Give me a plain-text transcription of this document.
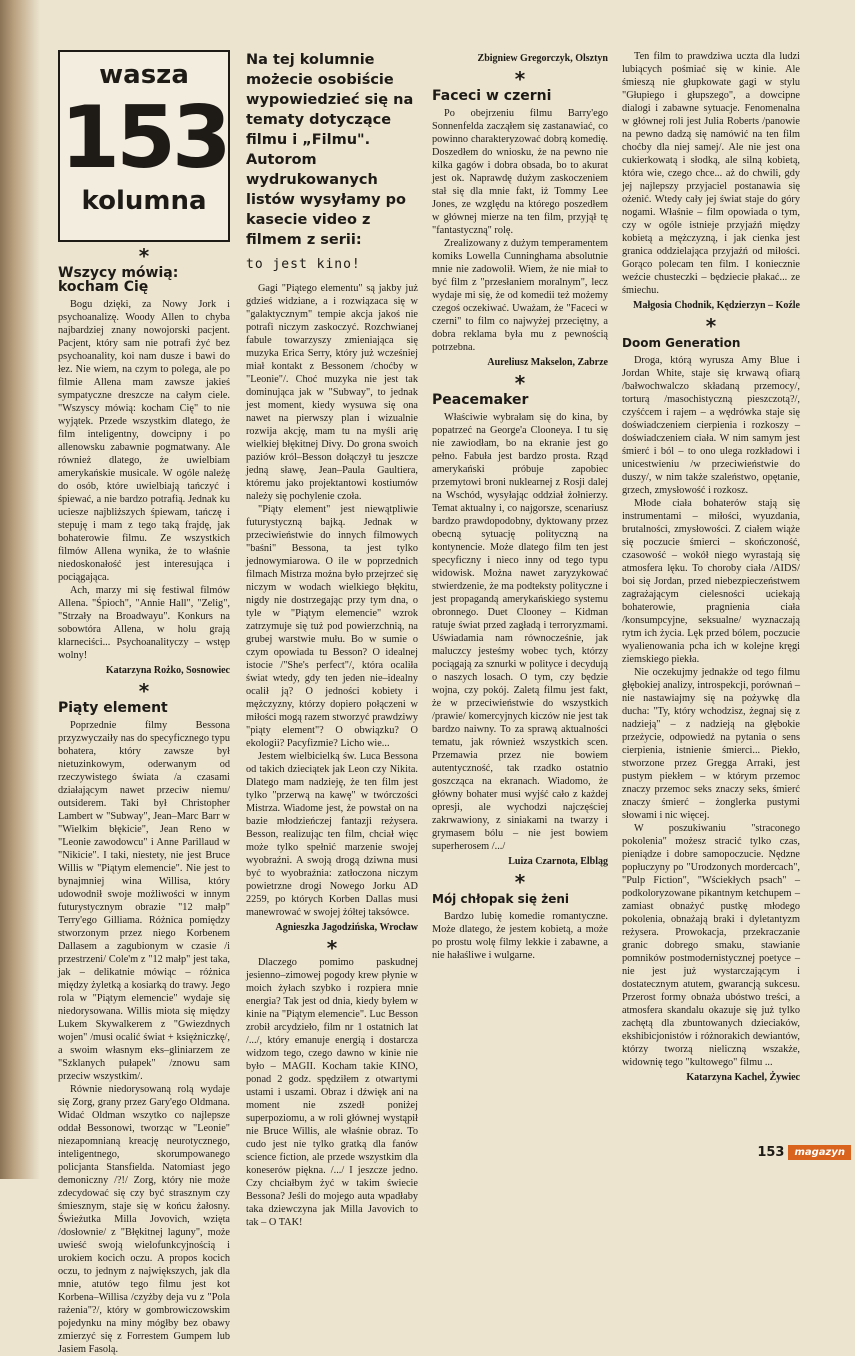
wasza
153
kolumna
*
Wszycy mówią: kocham Cię

Bogu dzięki, za Nowy Jork i psychoanalizę. Woody Allen to chyba najbardziej znany nowojorski pacjent. Pacjent, który sam nie potrafi żyć bez psychoanality, koi nam dusze i bawi do łez. Nie wiem, na czym to polega, ale po filmie Allena mam zawsze jakieś sympatyczne dreszcze na całym ciele. "Wszyscy mówią: kocham Cię" to nie wyjątek. Przede wszystkim dlatego, że film inteligentny, dowcipny i po allenowsku zabawnie pogmatwany. Ale również dlatego, że uwielbiam amerykańskie musicale. W ogóle należę do osób, które uwielbiają tańczyć i śpiewać, a nie bardzo potrafią. Jednak ku uciesze najbliższych śpiewam, tańczę i stepuję i mam z tego taką frajdę, jak bohaterowie filmu. Ze wszystkich filmów Allena wynika, że to właśnie niedoskonałość jest interesująca i pociągająca.

Ach, marzy mi się festiwal filmów Allena. "Śpioch", "Annie Hall", "Zelig", "Strzały na Broadwayu". Konkurs na sobowtóra Allena, w holu grają klarneciści... Psychoanalityczy – wstęp wolny!

Katarzyna Rożko, Sosnowiec
*
Piąty element

Poprzednie filmy Bessona przyzwyczaiły nas do specyficznego typu bohatera, który zawsze był nietuzinkowym, oderwanym od rzeczywistego świata /a czasami działającym nawet przeciw niemu/ outsiderem. Taki był Christopher Lambert w "Subway", Jean–Marc Barr w "Wielkim błękicie", Jean Reno w "Leonie zawodowcu" i Anne Parillaud w "Nikicie". I taki, niestety, nie jest Bruce Willis w "Piątym elemencie". Nie jest to bynajmniej wina Willisa, który udowodnił swoje możliwości w innym futurystycznym obrazie "12 małp" Terry'ego Gilliama. Różnica pomiędzy stworzonym przez niego Korbenem Dallasem a zagubionym w czasie /i przestrzeni/ Cole'm z "12 małp" jest taka, jak – delikatnie mówiąc – różnica między żyletką a kosiarką do trawy. Jego rola w "Piątym elemencie" wydaje się niedorysowana. Willis miota się między Lukem Skywalkerem z "Gwiezdnych wojen" /musi ocalić świat + księżniczkę/, a swoim własnym eks–gliniarzem ze "Szklanych pułapek" /znowu sam przeciw wszystkim/.

Równie niedorysowaną rolą wydaje się Zorg, grany przez Gary'ego Oldmana. Widać Oldman wszytko co najlepsze oddał Bessonowi, tworząc w "Leonie" niezapomnianą kreację neurotycznego, inteligentnego, skorumpowanego policjanta Stansfielda. Natomiast jego demoniczny /?!/ Zorg, który nie może zdecydować się czy być strasznym czy śmiesznym, staje się w końcu żałosny. Świeżutka Milla Jovovich, wzięta /dosłownie/ z "Błękitnej laguny", może uwieść swoją wielofunkcyjnością i urokiem kocich oczu. A propos kocich oczu, to jednym z największych, jak dla mnie, atutów tego filmu jest kot Korbena–Willisa /czyżby deja vu z "Pola rażenia"?/, który w gombrowiczowskim pojedynku na miny mógłby bez obawy zmierzyć się z Forrestem Gumpem lub Jasiem Fasolą.

Na tej kolumnie możecie osobiście wypowiedzieć się na tematy dotyczące filmu i „Filmu". Autorom wydrukowanych listów wysyłamy po kasecie video z filmem z serii:
to jest kino!

Gagi "Piątego elementu" są jakby już gdzieś widziane, a i rozwiązaca się w "galaktycznym" tempie akcja jakoś nie potrafi niczym zaskoczyć. Rozchwianej fabule towarzyszy zmieniająca się muzyka Erica Serry, który już wcześniej miał kontakt z Bessonem /choćby w "Leonie"/. Choć muzyka nie jest tak dominująca jak w "Subway", to jednak jest moment, kiedy wysuwa się ona nawet na pierwszy plan i wizualnie rozwija akcję, mam tu na myśli arię wielkiej błękitnej Divy. Do grona swoich paziów król–Besson dołączył tu jeszcze jedną sławę, Jean–Paula Gaultiera, któremu jako projektantowi kostiumów należy się pochylenie czoła.

"Piąty element" jest niewątpliwie futurystyczną bajką. Jednak w przeciwieństwie do innych filmowych "baśni" Bessona, ta jest tylko jednowymiarowa. O ile w poprzednich filmach Mistrza można było przejrzeć się niczym w wodach wielkiego błękitu, nigdy nie dostrzegając przy tym dna, o tyle w "Piątym elemencie" wzrok zatrzymuje się tuż pod powierzchnią, na grubej warstwie mułu. Bo w sumie o czym opowiada tu Besson? O idealnej istocie /"She's perfect"/, która ocaliła świat wtedy, gdy ten jeden nie–idealny ocalił ją? O jedności kobiety i mężczyzny, którzy dopiero połączeni w miłości mogą razem stworzyć prawdziwy "piąty element"? O obwiązku? O ekologii? Pacyfizmie? Licho wie...

Jestem wielbicielką św. Luca Bessona od takich dzieciątek jak Leon czy Nikita. Dlatego mam nadzieję, że ten film jest tylko "przerwą na kawę" w twórczości Mistrza. Wiadome jest, że powstał on na bazie młodzieńczej fantazji reżysera. Besson, realizując ten film, chciał więc może tylko spełnić marzenie swojej wyobraźni. A swoją drogą dziwna musi być to wyobraźnia: zatłoczona niczym powietrzne drogi Nowego Jorku AD 2259, po których Korben Dallas musi manewrować w swojej żółtej taksówce.

Agnieszka Jagodzińska, Wrocław
*

Dlaczego pomimo paskudnej jesienno–zimowej pogody krew płynie w moich żyłach szybko i rozpiera mnie energia? Tak jest od dnia, kiedy byłem w kinie na "Piątym elemencie". Luc Besson zrobił arcydzieło, film nr 1 ostatnich lat /.../, który emanuje energią i dostarcza widzom tego, czego dawno w kinie nie było – MAGII. Kocham takie KINO, ponad 2 godz. spędziłem z otwartymi ustami i uszami. Obraz i dźwięk ani na moment nie zszedł poniżej superpoziomu, a w roli głównej wystąpił nie Bruce Willis, ale właśnie obraz. To cudo jest nie tylko gratką dla fanów science fiction, ale przede wszystkim dla koneserów piękna. /.../ I jeszcze jedno. Czy chciałbym żyć w takim świecie Bessona? Jeśli do mojego auta wpadłaby taka dziewczyna jak Milla Javovich to tak – O TAK!

Zbigniew Gregorczyk, Olsztyn
*
Faceci w czerni

Po obejrzeniu filmu Barry'ego Sonnenfelda zacząłem się zastanawiać, co powinno charakteryzować dobrą komedię. Doszedłem do wniosku, że na pewno nie kilka gagów i dobra obsada, bo to akurat jest ok. Naprawdę dużym zaskoczeniem stał się dla mnie fakt, iż Tommy Lee Jones, ze względu na którego poszedłem w głównej mierze na ten film, przyjął tę "fantastyczną" rolę.

Zrealizowany z dużym temperamentem komiks Lowella Cunninghama absolutnie mnie nie zadowolił. Wiem, że nie miał to być film z "przesłaniem moralnym", lecz wydaje mi się, że od komedii też możemy czegoś oczekiwać. Uważam, że "Faceci w czerni" to film co najwyżej przeciętny, a dobra reklama była mu z pewnością potrzebna.

Aureliusz Makselon, Zabrze
*
Peacemaker

Właściwie wybrałam się do kina, by popatrzeć na George'a Clooneya. I tu się nie zawiodłam, bo na ekranie jest go pełno. Fabuła jest bardzo prosta. Rząd amerykański próbuje zapobiec przemytowi broni nuklearnej z Rosji dalej na Wschód, wysyłając oddział żołnierzy. Temat aktualny i, co najgorsze, scenariusz bardzo prawdopodobny, dyktowany przez obecną sytuację polityczną na kontynencie. Może dlatego film ten jest specyficzny i nieco inny od tego typu widowisk. Można nawet zaryzykować stwierdzenie, że ma podteksty polityczne i jest propagandą amerykańskiego systemu obronnego. Duet Clooney – Kidman ratuje świat przed zagładą i terroryzmami. Uświadamia nam równocześnie, jak maluczcy jesteśmy wobec tych, którzy pociągają za sznurki w polityce i decydują o naszych losach. O tym, czy będzie wojna, czy pokój. Zaletą filmu jest fakt, że w przeciwieństwie do wszystkich /prawie/ komercyjnych kiczów nie jest tak bardzo naiwny. To za sprawą aktualności tematu, jak również wszystkich scen. Przemawia przez nie bowiem autentyczność, tak rzadko ostatnio goszcząca na ekranach. Wiadomo, że główny bohater musi wyjść cało z każdej opresji, ale wychodzi najczęściej zakrwawiony, z siniakami na twarzy i grymasem bólu – nie jest bowiem superherosem /.../

Luiza Czarnota, Elbląg
*
Mój chłopak się żeni

Bardzo lubię komedie romantyczne. Może dlatego, że jestem kobietą, a może po prostu wolę filmy lekkie i zabawne, a nie hałaśliwe i wulgarne.

Ten film to prawdziwa uczta dla ludzi lubiących pośmiać się w kinie. Ale śmieszą nie głupkowate gagi w stylu "Głupiego i głupszego", a dowcipne dialogi i zabawne sytuacje. Fenomenalna w głównej roli jest Julia Roberts /panowie na pewno dadzą się namówić na ten film choćby dla niej samej/. Ale nie jest ona cukierkowatą i słodką, ale silną kobietą, która wie, czego chce... aż do chwili, gdy jej najlepszy przyjaciel postanawia się ożenić. Wtedy cały jej świat staje do góry nogami. Właśnie – film opowiada o tym, czy w ogóle istnieje przyjaźń między kobietą a mężczyzną, i jak cienka jest granica oddzielająca przyjaźń od miłości. Gorąco polecam ten film. I koniecznie weźcie chusteczki – będziecie płakać... ze śmiechu.

Małgosia Chodnik, Kędzierzyn – Koźle
*
Doom Generation

Droga, którą wyrusza Amy Blue i Jordan White, staje się krwawą ofiarą /bałwochwalczo składaną przemocy/, torturą /masochistyczną pieszczotą?/, czyśćcem i rajem – a wędrówka staje się doświadczeniem cierpienia i rozkoszy – doświadczeniem ciała. W nim samym jest śmierć i ból – to ono ulega rozkładowi i unicestwieniu /w przeciwieństwie do duszy/, w nim także szaleństwo, opętanie, grzech, zmysłowość i rozkosz.

Młode ciała bohaterów stają się instrumentami – miłości, wyuzdania, brutalności, zmysłowości. Z ciałem wiąże się poczucie śmierci – skończoność, czasowość – wokół niego wyrastają się atmosfera lęku. To choroby ciała /AIDS/ boi się Jordan, przed niebezpieczeństwem zagrażającym cielesności uciekają bohaterowie, pragnienia ciała /konsumpcyjne, seksualne/ wyznaczają rytm ich życia. Lęk przed bólem, poczucie wyalienowania pcha ich w kolejne kręgi ziemskiego piekła.

Nie oczekujmy jednakże od tego filmu głębokiej analizy, introspekcji, porównań – nie nastawiajmy się na pożywkę dla ducha: "Ty, który wchodzisz, żegnaj się z nadzieją" – z nadzieją na głębokie przeżycie, odpowiedź na pytania o sens cierpienia, istnienie śmierci... Piekło, stworzone przez Gregga Arraki, jest pustym piekłem – w którym przemoc znaczy przemoc seks znaczy seks, śmierć znaczy śmierć – żonglerka pustymi słowami i nic więcej.

W poszukiwaniu "straconego pokolenia" możesz stracić tylko czas, pieniądze i dobre samopoczucie. Nędzne popłuczyny po "Urodzonych mordercach", "Pulp Fiction", "Wściekłych psach" – podkoloryzowane pikantnym ketchupem – zamiast obnażyć pustkę młodego pokolenia, obnażają braki i dyletantyzm reżysera. Prowokacja, przekraczanie granic dobrego smaku, stawianie pomników postmodernistycznej poetyce – nie jest już wystarczającym i dostatecznym atutem, gwarancją sukcesu. Przerost formy obnaża ubóstwo treści, a atmosfera skandalu okazuje się już tylko zachętą dla zbuntowanych dzieciaków, ekshibicjonistów i różnorakich dewiantów, którzy tworzą nieliczną wszakże, widownię tego "kultowego" filmu ...

Katarzyna Kachel, Żywiec
153	magazyn
